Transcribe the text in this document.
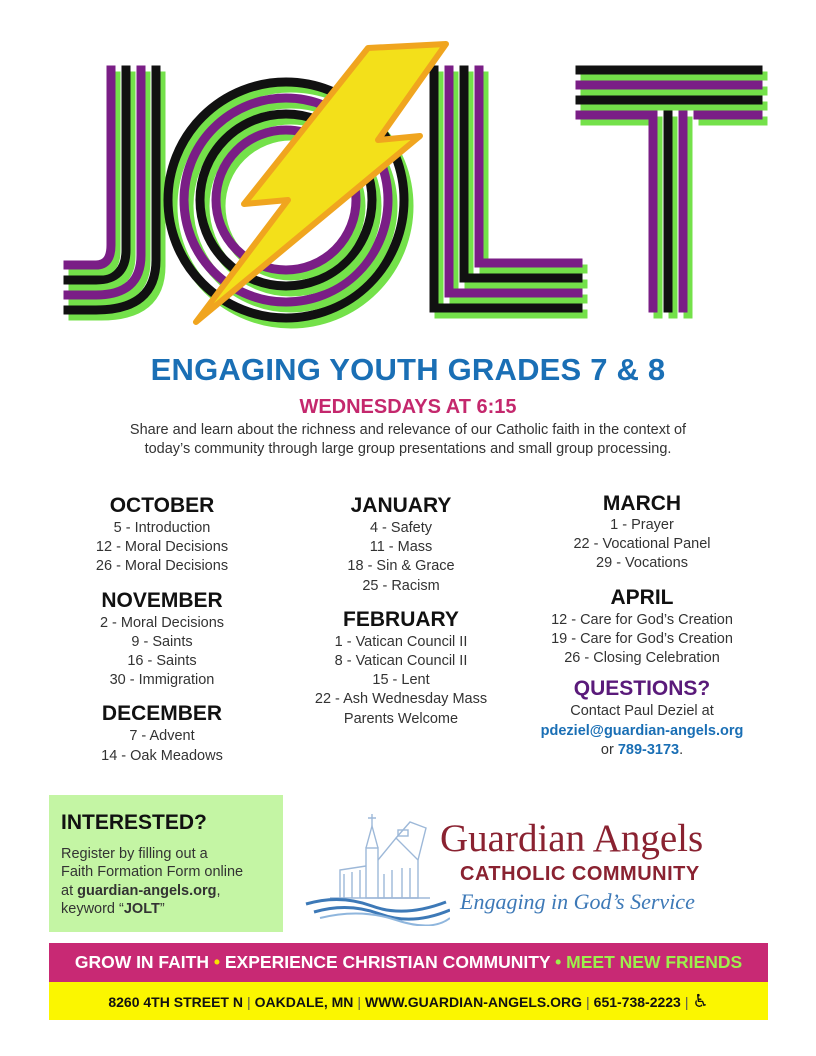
ENGAGING YOUTH GRADES 7 & 8
WEDNESDAYS AT 6:15
Share and learn about the richness and relevance of our Catholic faith in the context of
today’s community through large group presentations and small group processing.
OCTOBER
5 - Introduction
12 - Moral Decisions
26 - Moral Decisions
NOVEMBER
2 - Moral Decisions
9 - Saints
16 - Saints
30 - Immigration
DECEMBER
7 - Advent
14 - Oak Meadows
JANUARY
4 - Safety
11 - Mass
18 - Sin & Grace
25 - Racism
FEBRUARY
1 - Vatican Council II
8 - Vatican Council II
15 - Lent
22 - Ash Wednesday Mass
Parents Welcome
MARCH
1 - Prayer
22 - Vocational Panel
29 - Vocations
APRIL
12 - Care for God’s Creation
19 - Care for God’s Creation
26 - Closing Celebration
QUESTIONS?
Contact Paul Deziel at
pdeziel@guardian-angels.org
or 789-3173.
INTERESTED?
Register by filling out a
Faith Formation Form online
at guardian-angels.org,
keyword “JOLT”
Guardian Angels
CATHOLIC COMMUNITY
Engaging in God’s Service
GROW IN FAITH • EXPERIENCE CHRISTIAN COMMUNITY • MEET NEW FRIENDS
8260 4TH STREET N | OAKDALE, MN | WWW.GUARDIAN-ANGELS.ORG | 651-738-2223 | ♿
